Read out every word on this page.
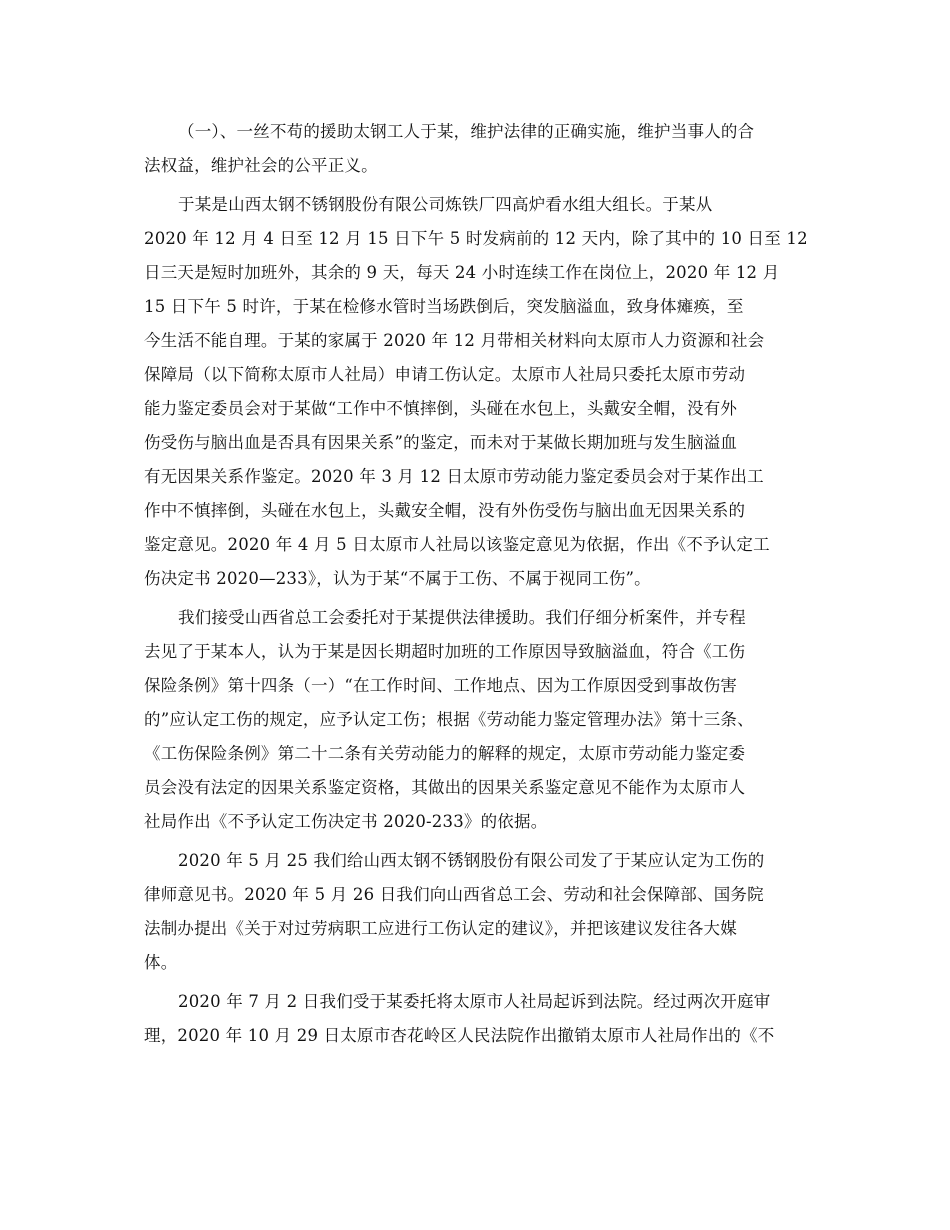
（一）、一丝不苟的援助太钢工人于某，维护法律的正确实施，维护当事人的合
法权益，维护社会的公平正义。
于某是山西太钢不锈钢股份有限公司炼铁厂四高炉看水组大组长。于某从
2020 年 12 月 4 日至 12 月 15 日下午 5 时发病前的 12 天内，除了其中的 10 日至 12
日三天是短时加班外，其余的 9 天，每天 24 小时连续工作在岗位上，2020 年 12 月
15 日下午 5 时许，于某在检修水管时当场跌倒后，突发脑溢血，致身体瘫痪，至
今生活不能自理。于某的家属于 2020 年 12 月带相关材料向太原市人力资源和社会
保障局（以下简称太原市人社局）申请工伤认定。太原市人社局只委托太原市劳动
能力鉴定委员会对于某做“工作中不慎摔倒，头碰在水包上，头戴安全帽，没有外
伤受伤与脑出血是否具有因果关系”的鉴定，而未对于某做长期加班与发生脑溢血
有无因果关系作鉴定。2020 年 3 月 12 日太原市劳动能力鉴定委员会对于某作出工
作中不慎摔倒，头碰在水包上，头戴安全帽，没有外伤受伤与脑出血无因果关系的
鉴定意见。2020 年 4 月 5 日太原市人社局以该鉴定意见为依据，作出《不予认定工
伤决定书 2020—233》，认为于某“不属于工伤、不属于视同工伤”。
我们接受山西省总工会委托对于某提供法律援助。我们仔细分析案件，并专程
去见了于某本人，认为于某是因长期超时加班的工作原因导致脑溢血，符合《工伤
保险条例》第十四条（一）“在工作时间、工作地点、因为工作原因受到事故伤害
的”应认定工伤的规定，应予认定工伤；根据《劳动能力鉴定管理办法》第十三条、
《工伤保险条例》第二十二条有关劳动能力的解释的规定，太原市劳动能力鉴定委
员会没有法定的因果关系鉴定资格，其做出的因果关系鉴定意见不能作为太原市人
社局作出《不予认定工伤决定书 2020-233》的依据。
2020 年 5 月 25 我们给山西太钢不锈钢股份有限公司发了于某应认定为工伤的
律师意见书。2020 年 5 月 26 日我们向山西省总工会、劳动和社会保障部、国务院
法制办提出《关于对过劳病职工应进行工伤认定的建议》，并把该建议发往各大媒
体。
2020 年 7 月 2 日我们受于某委托将太原市人社局起诉到法院。经过两次开庭审
理，2020 年 10 月 29 日太原市杏花岭区人民法院作出撤销太原市人社局作出的《不
